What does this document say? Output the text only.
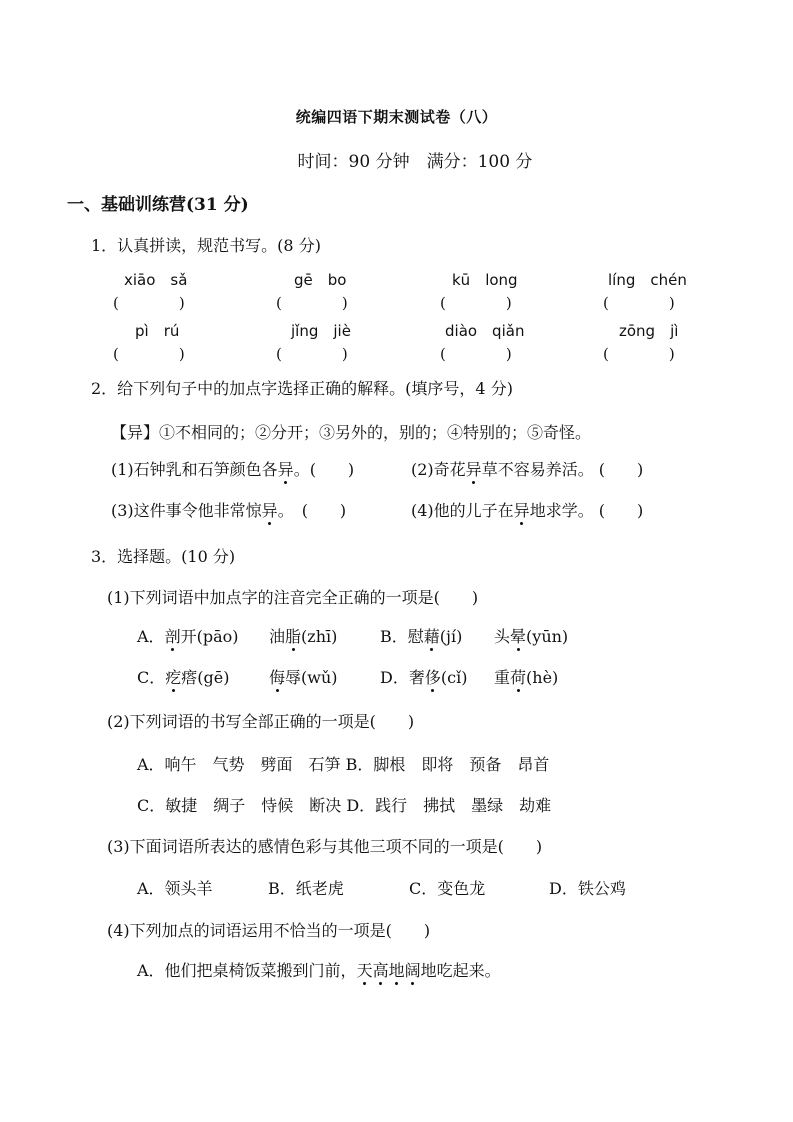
统编四语下期末测试卷（八）
时间：90 分钟　满分：100 分
一、基础训练营(31 分)
1．认真拼读，规范书写。(8 分)
xiāo　sǎ	gē　bo	kū　long	líng　chén
(　　　　)	(　　　　)	(　　　　)	(　　　　)
pì　rú	jǐng　jiè	diào　qiǎn	zōng　jì
(　　　　)	(　　　　)	(　　　　)	(　　　　)
2．给下列句子中的加点字选择正确的解释。(填序号，4 分)
【异】①不相同的；②分开；③另外的，别的；④特别的；⑤奇怪。
(1)石钟乳和石笋颜色各异。(　　)	(2)奇花异草不容易养活。 (　　)
(3)这件事令他非常惊异。　(　　)	(4)他的儿子在异地求学。 (　　)
3．选择题。(10 分)
(1)下列词语中加点字的注音完全正确的一项是(　　)
A．剖开(pāo) 油脂(zhī)	B．慰藉(jí) 头晕(yūn)
C．疙瘩(gē) 侮辱(wǔ)	D．奢侈(cǐ) 重荷(hè)
(2)下列词语的书写全部正确的一项是(　　)
A．响午　气势　劈面　石笋 B．脚根　即将　预备　昂首
C．敏捷　绸子　恃候　断决 D．践行　拂拭　墨绿　劫难
(3)下面词语所表达的感情色彩与其他三项不同的一项是(　　)
A．领头羊	B．纸老虎	C．变色龙	D．铁公鸡
(4)下列加点的词语运用不恰当的一项是(　　)
A．他们把桌椅饭菜搬到门前，天高地阔地吃起来。
